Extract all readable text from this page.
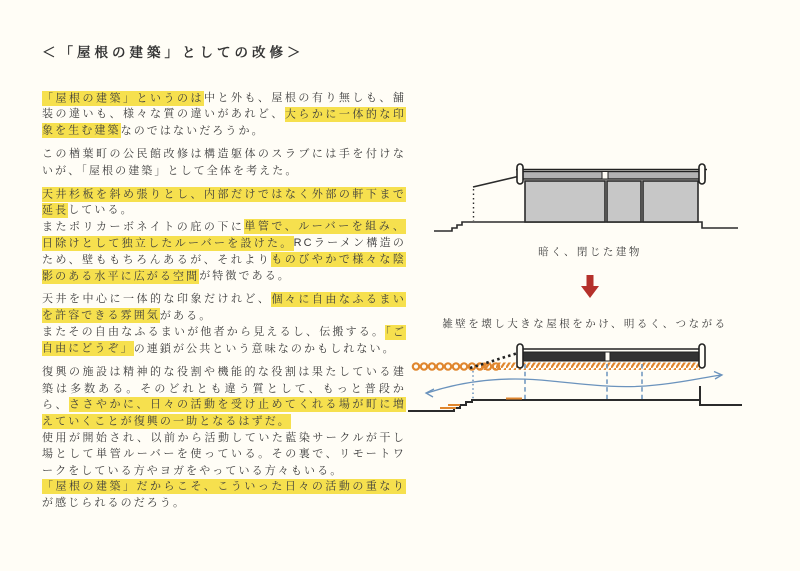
＜「屋根の建築」としての改修＞

「屋根の建築」というのは中と外も、屋根の有り無しも、舗装の違いも、様々な質の違いがあれど、大らかに一体的な印象を生む建築なのではないだろうか。

この楢葉町の公民館改修は構造躯体のスラブには手を付けないが、「屋根の建築」として全体を考えた。

天井杉板を斜め張りとし、内部だけではなく外部の軒下まで延長している。
またポリカーボネイトの庇の下に単管で、ルーバーを組み、日除けとして独立したルーバーを設けた。RCラーメン構造のため、壁ももちろんあるが、それよりものびやかで様々な陰影のある水平に広がる空間が特徴である。

天井を中心に一体的な印象だけれど、個々に自由なふるまいを許容できる雰囲気がある。
またその自由なふるまいが他者から見えるし、伝搬する。「ご自由にどうぞ」の連鎖が公共という意味なのかもしれない。

復興の施設は精神的な役割や機能的な役割は果たしている建築は多数ある。そのどれとも違う質として、もっと普段から、ささやかに、日々の活動を受け止めてくれる場が町に増えていくことが復興の一助となるはずだ。
使用が開始され、以前から活動していた藍染サークルが干し場として単管ルーバーを使っている。その裏で、リモートワークをしている方やヨガをやっている方々もいる。
「屋根の建築」だからこそ、こういった日々の活動の重なりが感じられるのだろう。

暗く、閉じた建物
雑壁を壊し大きな屋根をかけ、明るく、つながる
